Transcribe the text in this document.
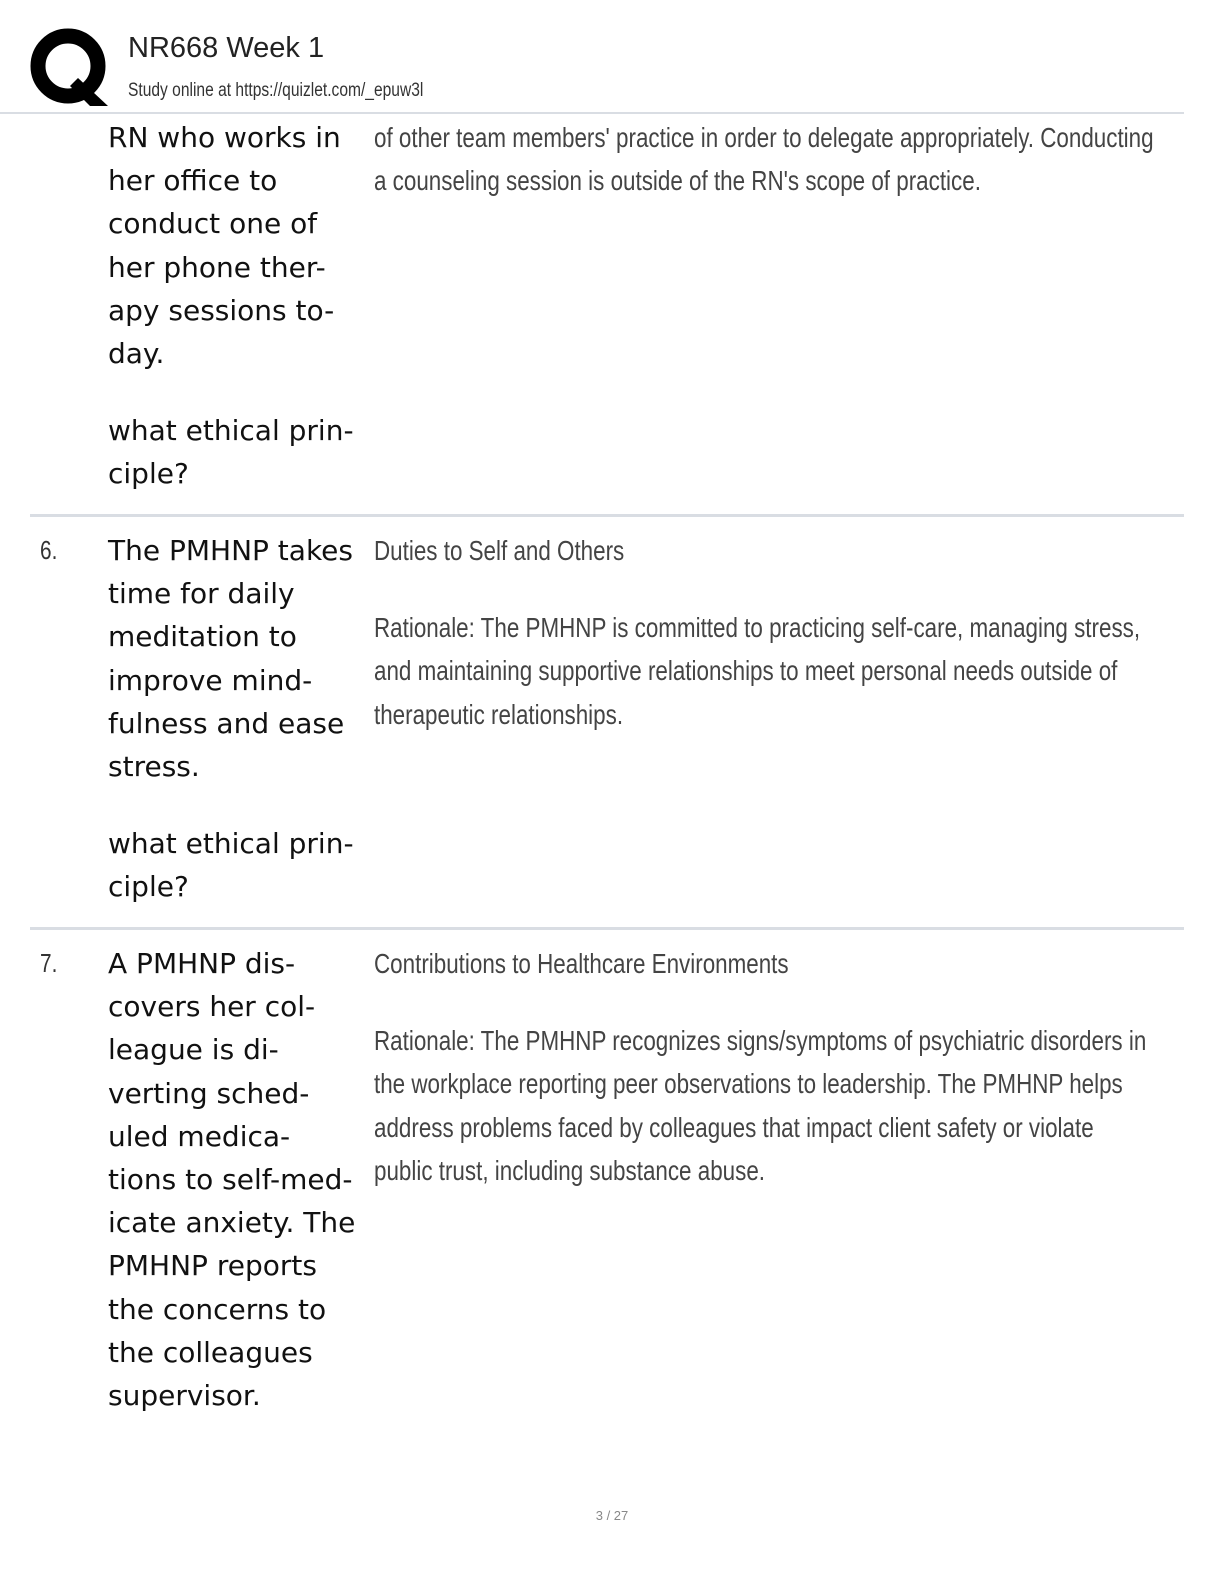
NR668 Week 1
Study online at https://quizlet.com/_epuw3l

RN who works in her office to conduct one of her phone ther- apy sessions to- day.

what ethical prin- ciple?

of other team members' practice in order to delegate appropriately. Conducting a counseling session is outside of the RN's scope of practice.

6. The PMHNP takes time for daily meditation to improve mind- fulness and ease stress.

what ethical prin- ciple?

Duties to Self and Others

Rationale: The PMHNP is committed to practicing self-care, managing stress, and maintaining supportive relationships to meet personal needs outside of therapeutic relationships.

7. A PMHNP dis- covers her col- league is di- verting sched- uled medica- tions to self-med- icate anxiety. The PMHNP reports the concerns to the colleagues supervisor.

Contributions to Healthcare Environments

Rationale: The PMHNP recognizes signs/symptoms of psychiatric disorders in the workplace reporting peer observations to leadership. The PMHNP helps address problems faced by colleagues that impact client safety or violate public trust, including substance abuse.

3 / 27
